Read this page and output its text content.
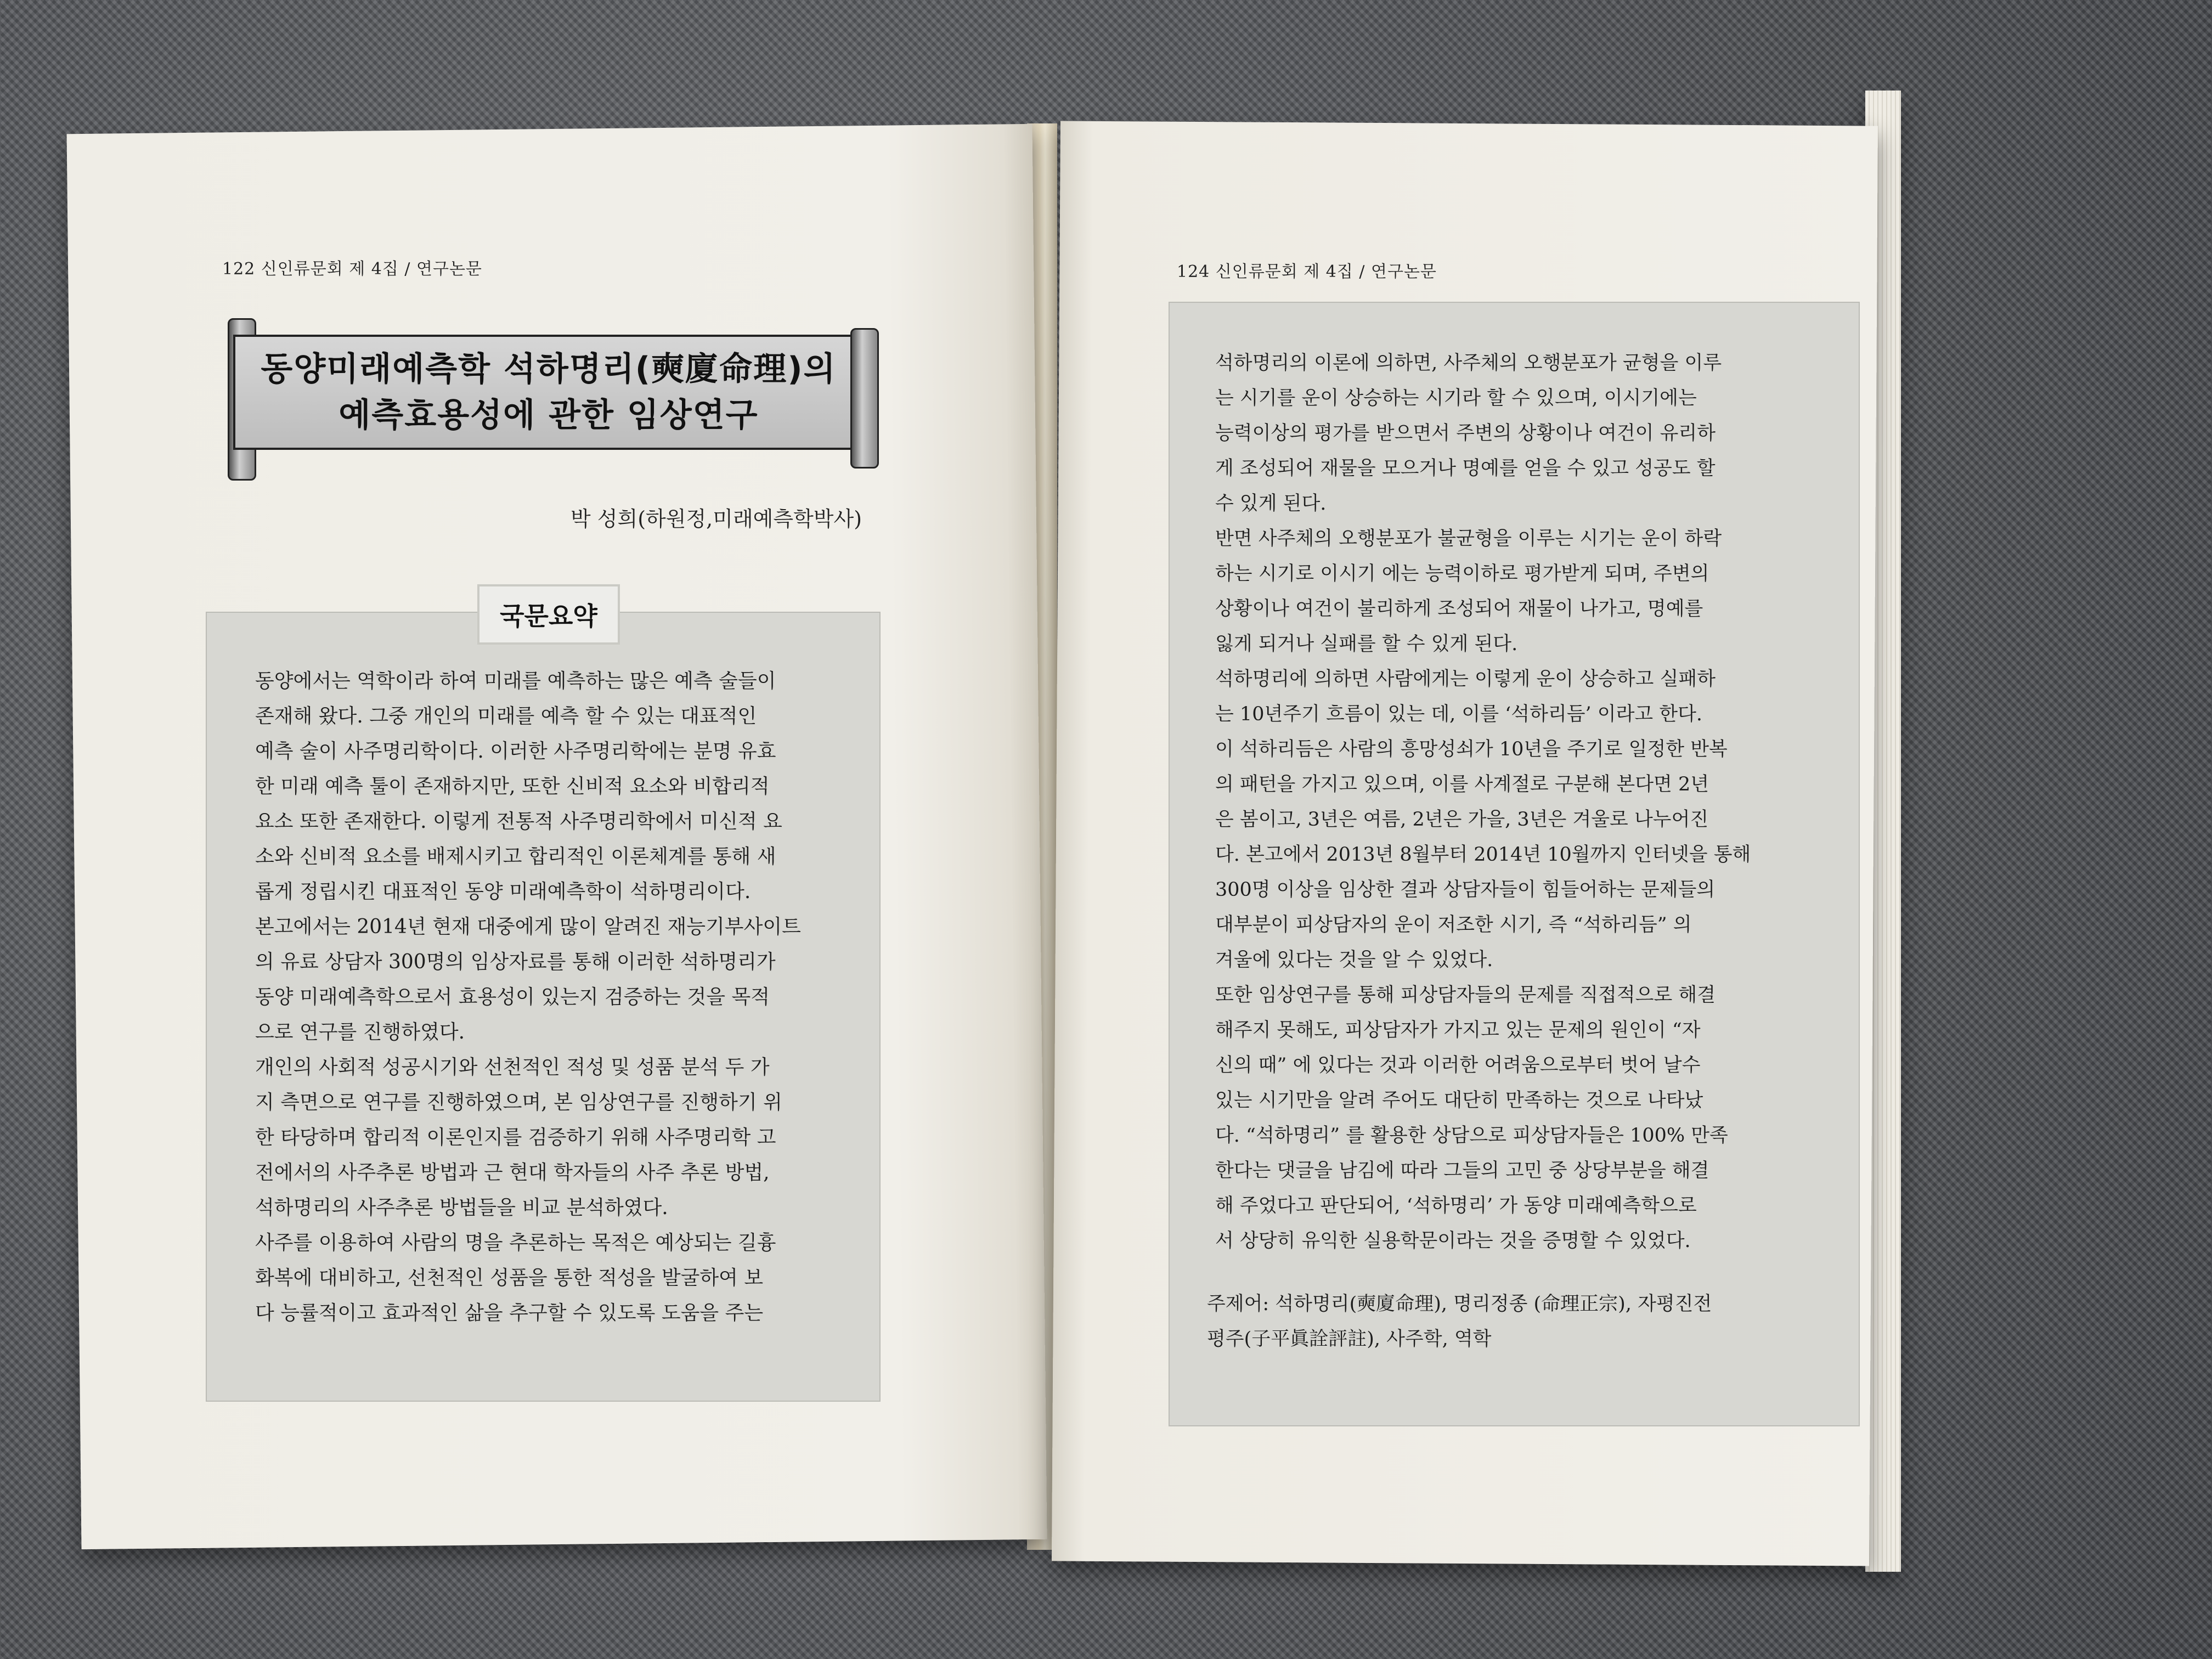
122 신인류문회 제 4집 / 연구논문
동양미래예측학 석하명리(奭廈命理)의
예측효용성에 관한 임상연구
박 성희(하원정,미래예측학박사)
국문요약
동양에서는 역학이라 하여 미래를 예측하는 많은 예측 술들이
존재해 왔다. 그중 개인의 미래를 예측 할 수 있는 대표적인
예측 술이 사주명리학이다. 이러한 사주명리학에는 분명 유효
한 미래 예측 툴이 존재하지만, 또한 신비적 요소와 비합리적
요소 또한 존재한다. 이렇게 전통적 사주명리학에서 미신적 요
소와 신비적 요소를 배제시키고 합리적인 이론체계를 통해 새
롭게 정립시킨 대표적인 동양 미래예측학이 석하명리이다.
본고에서는 2014년 현재 대중에게 많이 알려진 재능기부사이트
의 유료 상담자 300명의 임상자료를 통해 이러한 석하명리가
동양 미래예측학으로서 효용성이 있는지 검증하는 것을 목적
으로 연구를 진행하였다.
개인의 사회적 성공시기와 선천적인 적성 및 성품 분석 두 가
지 측면으로 연구를 진행하였으며, 본 임상연구를 진행하기 위
한 타당하며 합리적 이론인지를 검증하기 위해 사주명리학 고
전에서의 사주추론 방법과 근 현대 학자들의 사주 추론 방법,
석하명리의 사주추론 방법들을 비교 분석하였다.
사주를 이용하여 사람의 명을 추론하는 목적은 예상되는 길흉
화복에 대비하고, 선천적인 성품을 통한 적성을 발굴하여 보
다 능률적이고 효과적인 삶을 추구할 수 있도록 도움을 주는
124 신인류문회 제 4집 / 연구논문
석하명리의 이론에 의하면, 사주체의 오행분포가 균형을 이루
는 시기를 운이 상승하는 시기라 할 수 있으며, 이시기에는
능력이상의 평가를 받으면서 주변의 상황이나 여건이 유리하
게 조성되어 재물을 모으거나 명예를 얻을 수 있고 성공도 할
수 있게 된다.
반면 사주체의 오행분포가 불균형을 이루는 시기는 운이 하락
하는 시기로 이시기 에는 능력이하로 평가받게 되며, 주변의
상황이나 여건이 불리하게 조성되어 재물이 나가고, 명예를
잃게 되거나 실패를 할 수 있게 된다.
석하명리에 의하면 사람에게는 이렇게 운이 상승하고 실패하
는 10년주기 흐름이 있는 데, 이를 ‘석하리듬’ 이라고 한다.
이 석하리듬은 사람의 흥망성쇠가 10년을 주기로 일정한 반복
의 패턴을 가지고 있으며, 이를 사계절로 구분해 본다면 2년
은 봄이고, 3년은 여름, 2년은 가을, 3년은 겨울로 나누어진
다. 본고에서 2013년 8월부터 2014년 10월까지 인터넷을 통해
300명 이상을 임상한 결과 상담자들이 힘들어하는 문제들의
대부분이 피상담자의 운이 저조한 시기, 즉 “석하리듬” 의
겨울에 있다는 것을 알 수 있었다.
또한 임상연구를 통해 피상담자들의 문제를 직접적으로 해결
해주지 못해도, 피상담자가 가지고 있는 문제의 원인이 “자
신의 때” 에 있다는 것과 이러한 어려움으로부터 벗어 날수
있는 시기만을 알려 주어도 대단히 만족하는 것으로 나타났
다. “석하명리” 를 활용한 상담으로 피상담자들은 100% 만족
한다는 댓글을 남김에 따라 그들의 고민 중 상당부분을 해결
해 주었다고 판단되어, ‘석하명리’ 가 동양 미래예측학으로
서 상당히 유익한 실용학문이라는 것을 증명할 수 있었다.
주제어: 석하명리(奭廈命理), 명리정종 (命理正宗), 자평진전
평주(子平眞詮評註), 사주학, 역학
